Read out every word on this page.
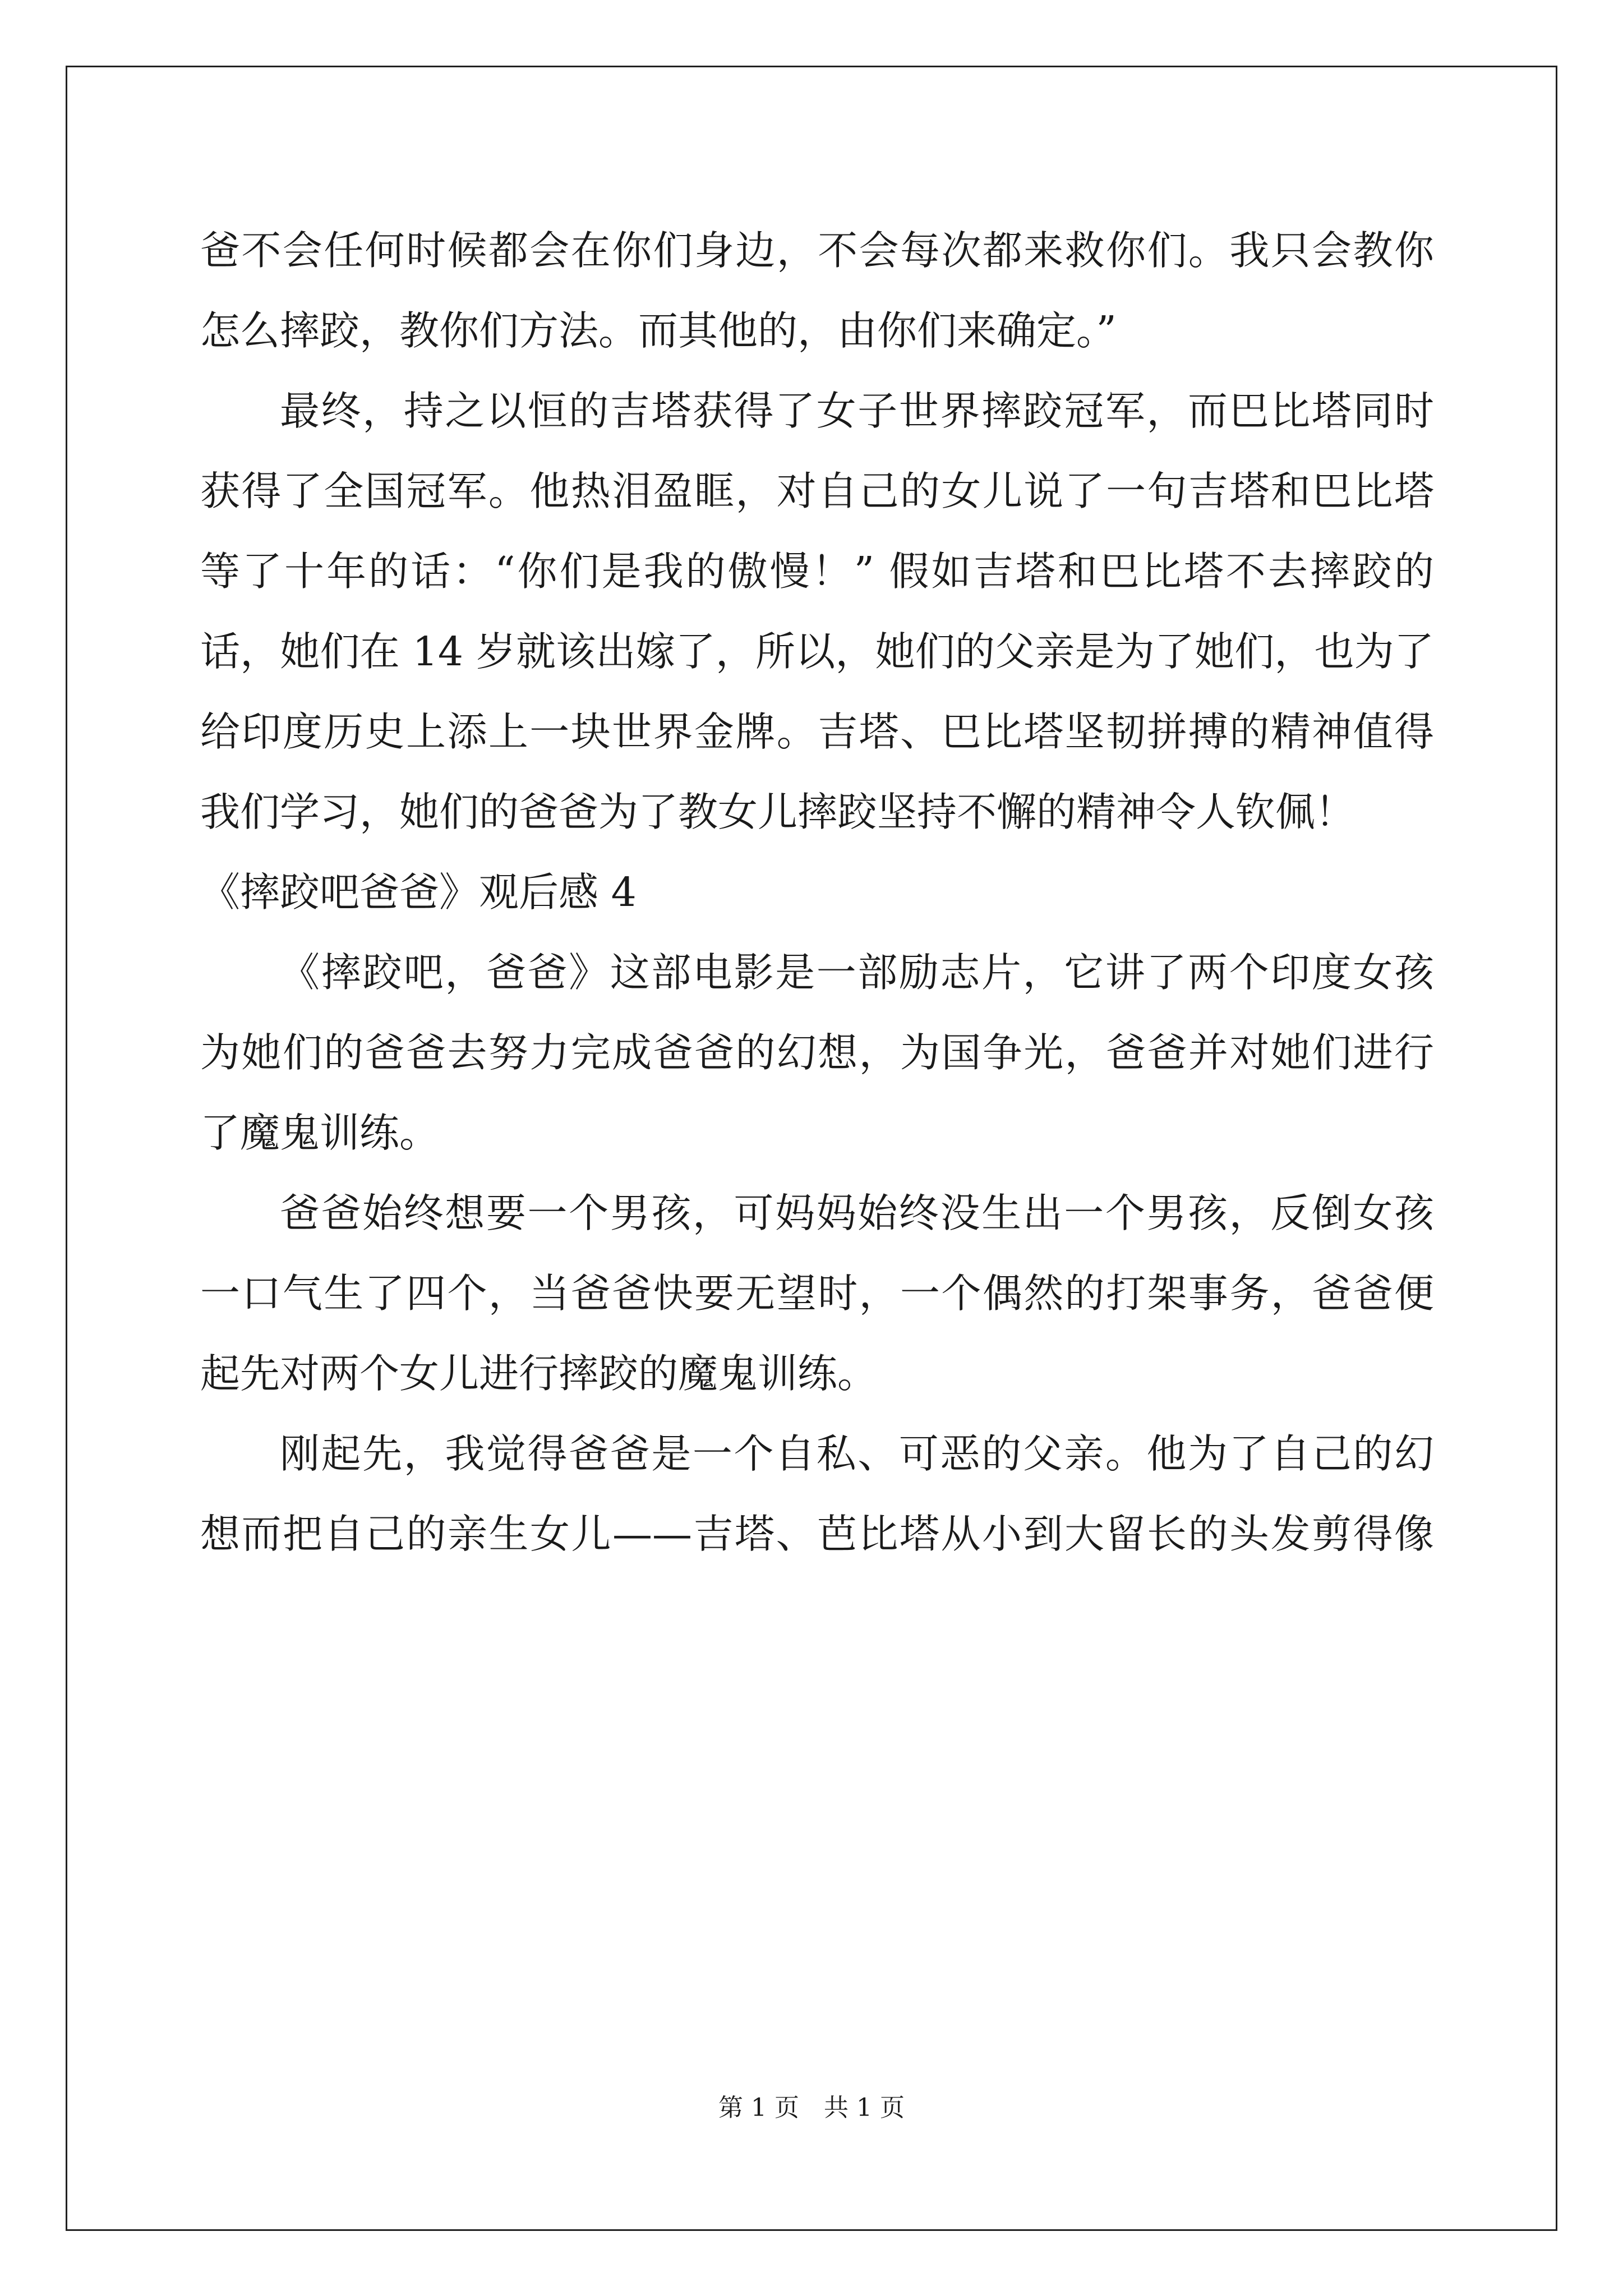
爸不会任何时候都会在你们身边，不会每次都来救你们。我只会教你
怎么摔跤，教你们方法。而其他的，由你们来确定。”
最终，持之以恒的吉塔获得了女子世界摔跤冠军，而巴比塔同时
获得了全国冠军。他热泪盈眶，对自己的女儿说了一句吉塔和巴比塔
等了十年的话：“你们是我的傲慢！” 假如吉塔和巴比塔不去摔跤的
话，她们在 14 岁就该出嫁了，所以，她们的父亲是为了她们，也为了
给印度历史上添上一块世界金牌。吉塔、巴比塔坚韧拼搏的精神值得
我们学习，她们的爸爸为了教女儿摔跤坚持不懈的精神令人钦佩！
《摔跤吧爸爸》观后感 4
《摔跤吧，爸爸》这部电影是一部励志片，它讲了两个印度女孩
为她们的爸爸去努力完成爸爸的幻想，为国争光，爸爸并对她们进行
了魔鬼训练。
爸爸始终想要一个男孩，可妈妈始终没生出一个男孩，反倒女孩
一口气生了四个，当爸爸快要无望时，一个偶然的打架事务，爸爸便
起先对两个女儿进行摔跤的魔鬼训练。
刚起先，我觉得爸爸是一个自私、可恶的父亲。他为了自己的幻
想而把自己的亲生女儿——吉塔、芭比塔从小到大留长的头发剪得像
第 1 页　共 1 页
